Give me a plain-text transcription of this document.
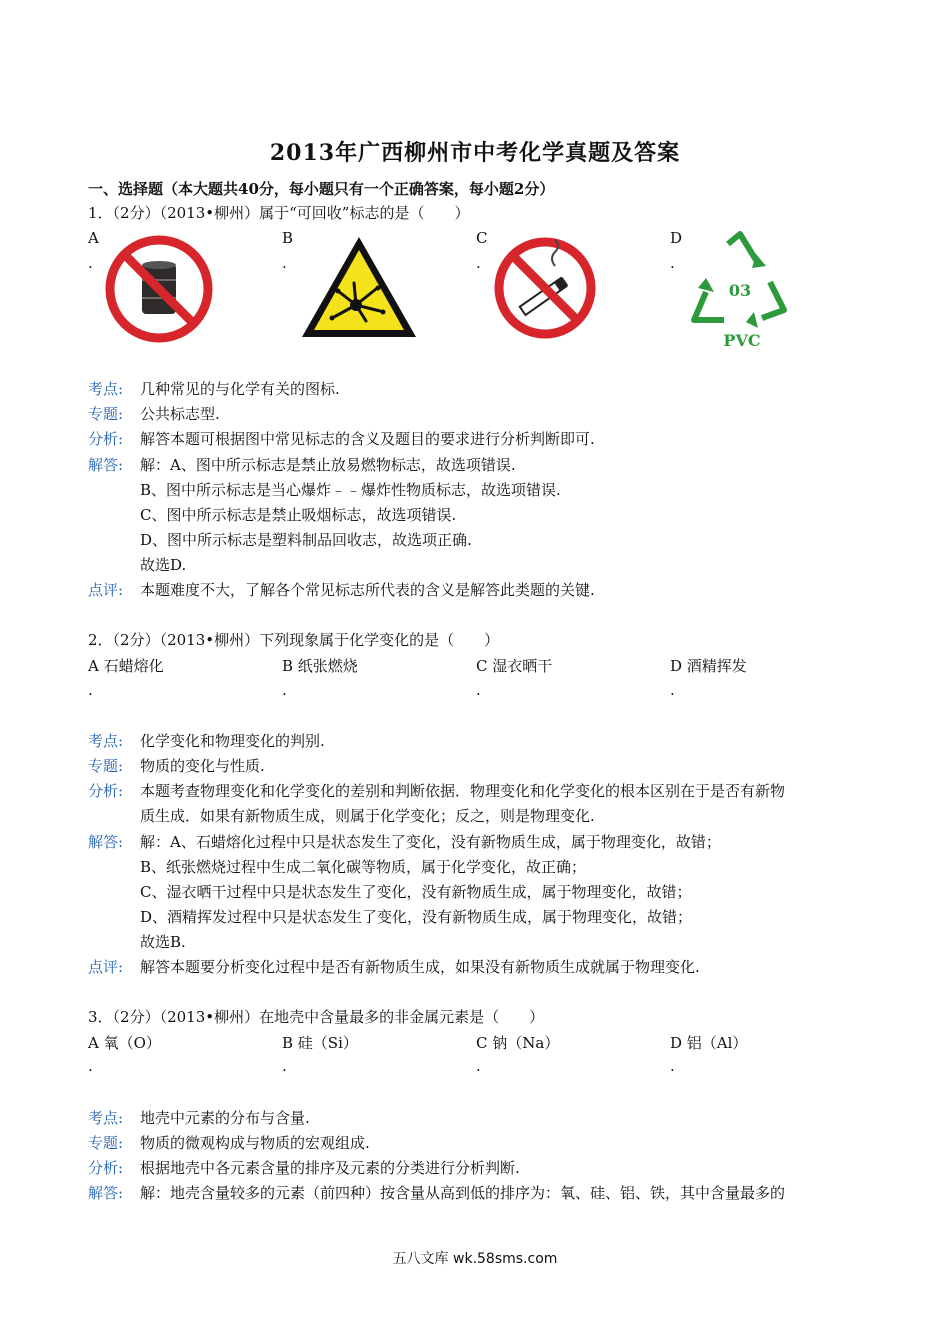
2013年广西柳州市中考化学真题及答案
一、选择题（本大题共40分，每小题只有一个正确答案，每小题2分）
1．（2分）（2013•柳州）属于“可回收”标志的是（　　）
A	B	C	D
.	.	.	.
03
PVC
考点: 几种常见的与化学有关的图标.
专题: 公共标志型.
分析: 解答本题可根据图中常见标志的含义及题目的要求进行分析判断即可.
解答: 解：A、图中所示标志是禁止放易燃物标志，故选项错误.
B、图中所示标志是当心爆炸﹣﹣爆炸性物质标志，故选项错误.
C、图中所示标志是禁止吸烟标志，故选项错误.
D、图中所示标志是塑料制品回收志，故选项正确.
故选D.
点评: 本题难度不大，了解各个常见标志所代表的含义是解答此类题的关键.
2．（2分）（2013•柳州）下列现象属于化学变化的是（　　）
A 石蜡熔化	B 纸张燃烧	C 湿衣晒干	D 酒精挥发
.	.	.	.
考点: 化学变化和物理变化的判别.
专题: 物质的变化与性质.
分析: 本题考查物理变化和化学变化的差别和判断依据．物理变化和化学变化的根本区别在于是否有新物
质生成．如果有新物质生成，则属于化学变化；反之，则是物理变化.
解答: 解：A、石蜡熔化过程中只是状态发生了变化，没有新物质生成，属于物理变化，故错；
B、纸张燃烧过程中生成二氧化碳等物质，属于化学变化，故正确；
C、湿衣晒干过程中只是状态发生了变化，没有新物质生成，属于物理变化，故错；
D、酒精挥发过程中只是状态发生了变化，没有新物质生成，属于物理变化，故错；
故选B.
点评: 解答本题要分析变化过程中是否有新物质生成，如果没有新物质生成就属于物理变化.
3．（2分）（2013•柳州）在地壳中含量最多的非金属元素是（　　）
A 氧（O）	B 硅（Si）	C 钠（Na）	D 铝（Al）
.	.	.	.
考点: 地壳中元素的分布与含量.
专题: 物质的微观构成与物质的宏观组成.
分析: 根据地壳中各元素含量的排序及元素的分类进行分析判断.
解答: 解：地壳含量较多的元素（前四种）按含量从高到低的排序为：氧、硅、铝、铁，其中含量最多的
五八文库 wk.58sms.com
